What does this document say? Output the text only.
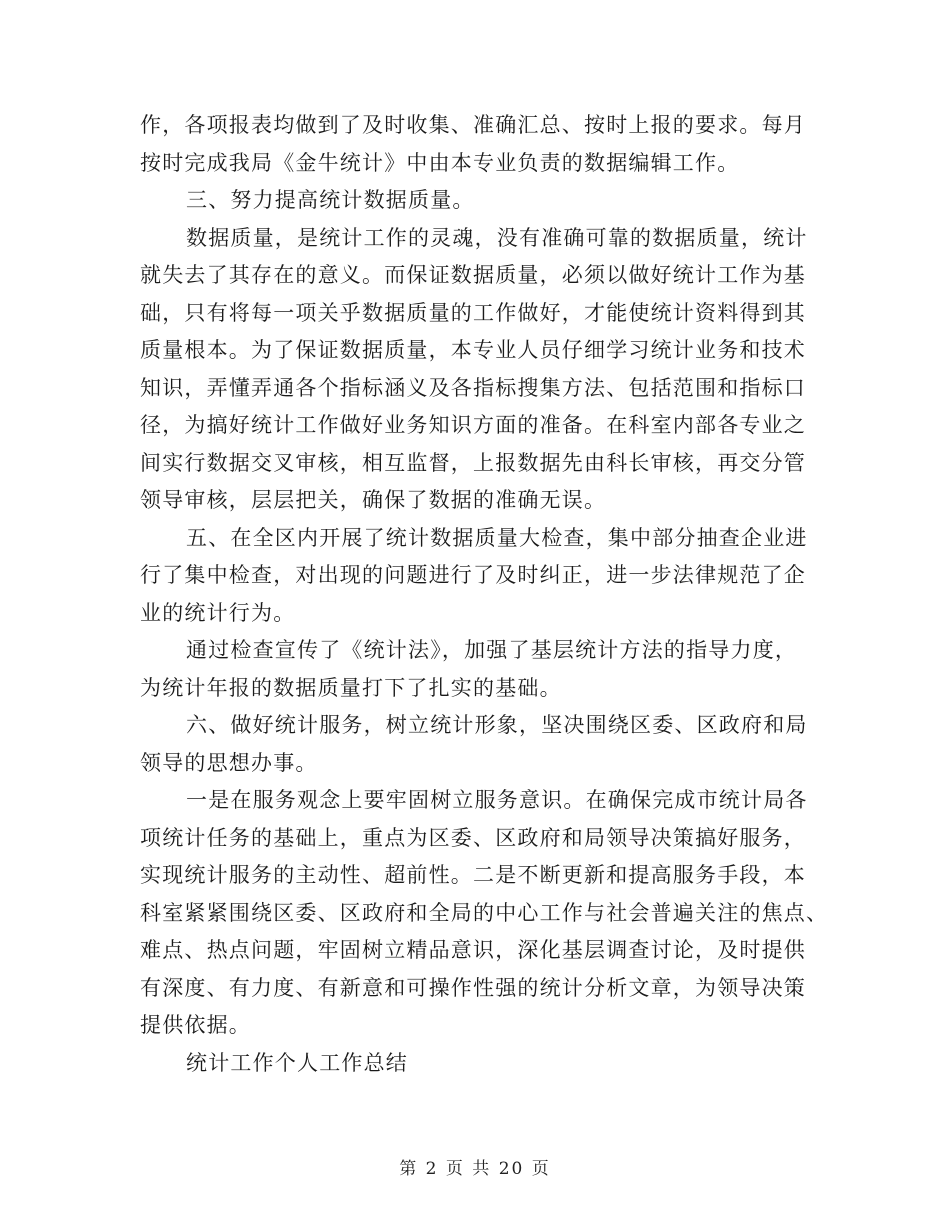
作，各项报表均做到了及时收集、准确汇总、按时上报的要求。每月
按时完成我局《金牛统计》中由本专业负责的数据编辑工作。
三、努力提高统计数据质量。
数据质量，是统计工作的灵魂，没有准确可靠的数据质量，统计
就失去了其存在的意义。而保证数据质量，必须以做好统计工作为基
础，只有将每一项关乎数据质量的工作做好，才能使统计资料得到其
质量根本。为了保证数据质量，本专业人员仔细学习统计业务和技术
知识，弄懂弄通各个指标涵义及各指标搜集方法、包括范围和指标口
径，为搞好统计工作做好业务知识方面的准备。在科室内部各专业之
间实行数据交叉审核，相互监督，上报数据先由科长审核，再交分管
领导审核，层层把关，确保了数据的准确无误。
五、在全区内开展了统计数据质量大检查，集中部分抽查企业进
行了集中检查，对出现的问题进行了及时纠正，进一步法律规范了企
业的统计行为。
通过检查宣传了《统计法》，加强了基层统计方法的指导力度，
为统计年报的数据质量打下了扎实的基础。
六、做好统计服务，树立统计形象，坚决围绕区委、区政府和局
领导的思想办事。
一是在服务观念上要牢固树立服务意识。在确保完成市统计局各
项统计任务的基础上，重点为区委、区政府和局领导决策搞好服务，
实现统计服务的主动性、超前性。二是不断更新和提高服务手段，本
科室紧紧围绕区委、区政府和全局的中心工作与社会普遍关注的焦点、
难点、热点问题，牢固树立精品意识，深化基层调查讨论，及时提供
有深度、有力度、有新意和可操作性强的统计分析文章，为领导决策
提供依据。
统计工作个人工作总结
第 2 页 共 20 页
